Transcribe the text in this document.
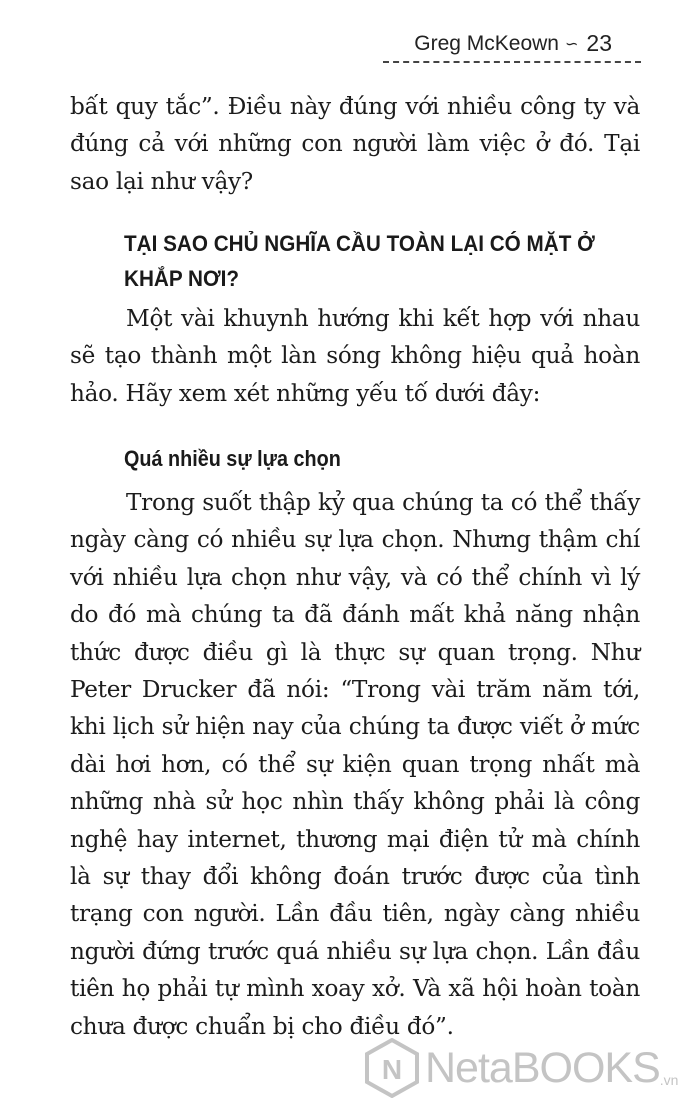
Greg McKeown ∽ 23

bất quy tắc”. Điều này đúng với nhiều công ty và đúng cả với những con người làm việc ở đó. Tại sao lại như vậy?

TẠI SAO CHỦ NGHĨA CẦU TOÀN LẠI CÓ MẶT Ở KHẮP NƠI?

Một vài khuynh hướng khi kết hợp với nhau sẽ tạo thành một làn sóng không hiệu quả hoàn hảo. Hãy xem xét những yếu tố dưới đây:

Quá nhiều sự lựa chọn

Trong suốt thập kỷ qua chúng ta có thể thấy ngày càng có nhiều sự lựa chọn. Nhưng thậm chí với nhiều lựa chọn như vậy, và có thể chính vì lý do đó mà chúng ta đã đánh mất khả năng nhận thức được điều gì là thực sự quan trọng. Như Peter Drucker đã nói: “Trong vài trăm năm tới, khi lịch sử hiện nay của chúng ta được viết ở mức dài hơi hơn, có thể sự kiện quan trọng nhất mà những nhà sử học nhìn thấy không phải là công nghệ hay internet, thương mại điện tử mà chính là sự thay đổi không đoán trước được của tình trạng con người. Lần đầu tiên, ngày càng nhiều người đứng trước quá nhiều sự lựa chọn. Lần đầu tiên họ phải tự mình xoay xở. Và xã hội hoàn toàn chưa được chuẩn bị cho điều đó”.

N NetaBOOKS .vn
